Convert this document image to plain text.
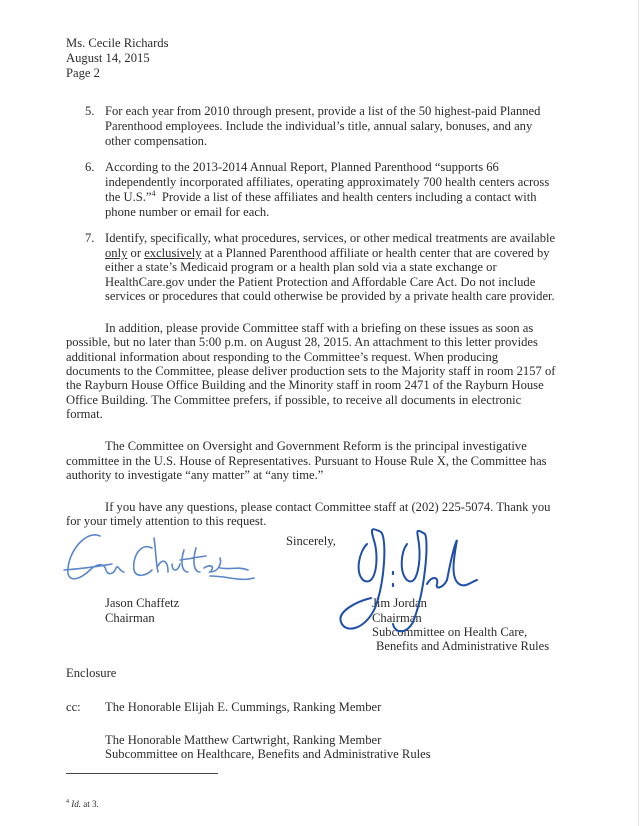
Ms. Cecile Richards
August 14, 2015
Page 2
5. For each year from 2010 through present, provide a list of the 50 highest-paid Planned
Parenthood employees. Include the individual’s title, annual salary, bonuses, and any
other compensation.
6. According to the 2013-2014 Annual Report, Planned Parenthood “supports 66
independently incorporated affiliates, operating approximately 700 health centers across
the U.S.”$^4$  Provide a list of these affiliates and health centers including a contact with
phone number or email for each.
7. Identify, specifically, what procedures, services, or other medical treatments are available
only or exclusively at a Planned Parenthood affiliate or health center that are covered by
either a state’s Medicaid program or a health plan sold via a state exchange or
HealthCare.gov under the Patient Protection and Affordable Care Act. Do not include
services or procedures that could otherwise be provided by a private health care provider.
In addition, please provide Committee staff with a briefing on these issues as soon as
possible, but no later than 5:00 p.m. on August 28, 2015. An attachment to this letter provides
additional information about responding to the Committee’s request. When producing
documents to the Committee, please deliver production sets to the Majority staff in room 2157 of
the Rayburn House Office Building and the Minority staff in room 2471 of the Rayburn House
Office Building. The Committee prefers, if possible, to receive all documents in electronic
format.
The Committee on Oversight and Government Reform is the principal investigative
committee in the U.S. House of Representatives. Pursuant to House Rule X, the Committee has
authority to investigate “any matter” at “any time.”
If you have any questions, please contact Committee staff at (202) 225-5074. Thank you
for your timely attention to this request.
Sincerely,
Jason Chaffetz
Chairman
Jim Jordan
Chairman
Subcommittee on Health Care,
Benefits and Administrative Rules
Enclosure
cc: The Honorable Elijah E. Cummings, Ranking Member
The Honorable Matthew Cartwright, Ranking Member
Subcommittee on Healthcare, Benefits and Administrative Rules
$^4$ Id. at 3.
